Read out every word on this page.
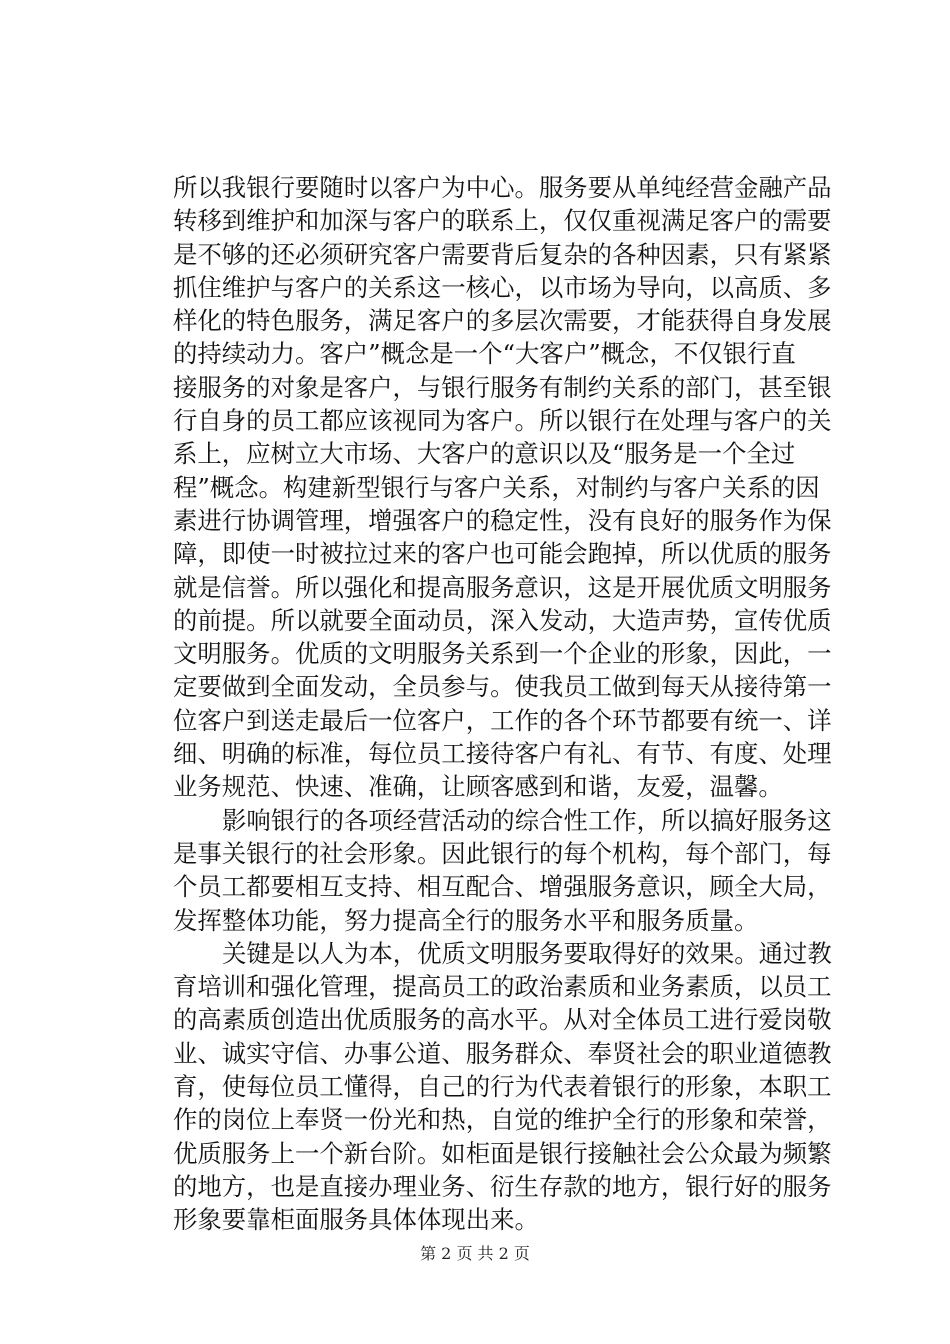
所以我银行要随时以客户为中心。服务要从单纯经营金融产品
转移到维护和加深与客户的联系上，仅仅重视满足客户的需要
是不够的还必须研究客户需要背后复杂的各种因素，只有紧紧
抓住维护与客户的关系这一核心，以市场为导向，以高质、多
样化的特色服务，满足客户的多层次需要，才能获得自身发展
的持续动力。客户”概念是一个“大客户”概念，不仅银行直
接服务的对象是客户，与银行服务有制约关系的部门，甚至银
行自身的员工都应该视同为客户。所以银行在处理与客户的关
系上，应树立大市场、大客户的意识以及“服务是一个全过
程”概念。构建新型银行与客户关系，对制约与客户关系的因
素进行协调管理，增强客户的稳定性，没有良好的服务作为保
障，即使一时被拉过来的客户也可能会跑掉，所以优质的服务
就是信誉。所以强化和提高服务意识，这是开展优质文明服务
的前提。所以就要全面动员，深入发动，大造声势，宣传优质
文明服务。优质的文明服务关系到一个企业的形象，因此，一
定要做到全面发动，全员参与。使我员工做到每天从接待第一
位客户到送走最后一位客户，工作的各个环节都要有统一、详
细、明确的标准，每位员工接待客户有礼、有节、有度、处理
业务规范、快速、准确，让顾客感到和谐，友爱，温馨。
影响银行的各项经营活动的综合性工作，所以搞好服务这
是事关银行的社会形象。因此银行的每个机构，每个部门，每
个员工都要相互支持、相互配合、增强服务意识，顾全大局，
发挥整体功能，努力提高全行的服务水平和服务质量。
关键是以人为本，优质文明服务要取得好的效果。通过教
育培训和强化管理，提高员工的政治素质和业务素质，以员工
的高素质创造出优质服务的高水平。从对全体员工进行爱岗敬
业、诚实守信、办事公道、服务群众、奉贤社会的职业道德教
育，使每位员工懂得，自己的行为代表着银行的形象，本职工
作的岗位上奉贤一份光和热，自觉的维护全行的形象和荣誉，
优质服务上一个新台阶。如柜面是银行接触社会公众最为频繁
的地方，也是直接办理业务、衍生存款的地方，银行好的服务
形象要靠柜面服务具体体现出来。
第 2 页 共 2 页
